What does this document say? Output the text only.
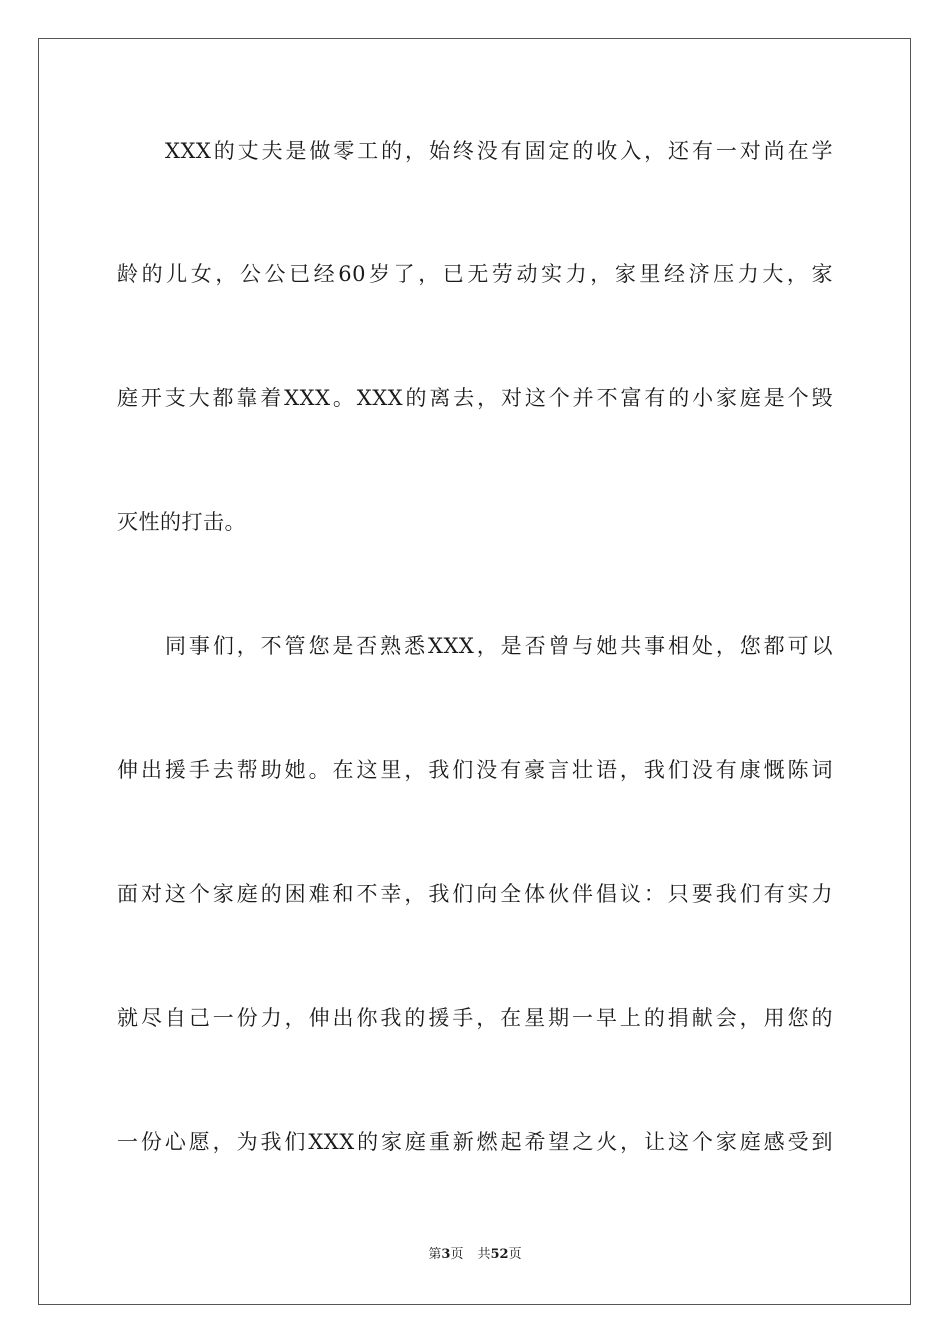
XXX的丈夫是做零工的，始终没有固定的收入，还有一对尚在学
龄的儿女，公公已经60岁了，已无劳动实力，家里经济压力大，家
庭开支大都靠着XXX。XXX的离去，对这个并不富有的小家庭是个毁
灭性的打击。
同事们，不管您是否熟悉XXX，是否曾与她共事相处，您都可以
伸出援手去帮助她。在这里，我们没有豪言壮语，我们没有康慨陈词
面对这个家庭的困难和不幸，我们向全体伙伴倡议：只要我们有实力
就尽自己一份力，伸出你我的援手，在星期一早上的捐献会，用您的
一份心愿，为我们XXX的家庭重新燃起希望之火，让这个家庭感受到
第3页 共52页
